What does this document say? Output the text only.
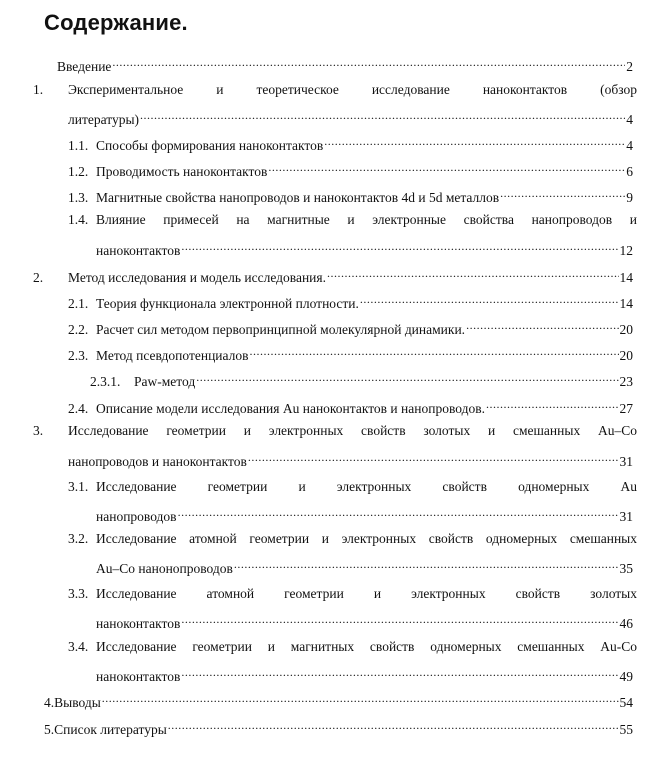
Содержание.
Введение .....	2
1. Экспериментальное и теоретическое исследование наноконтактов (обзор
литературы) .....	4
1.1. Способы формирования наноконтактов .....	4
1.2. Проводимость наноконтактов .....	6
1.3. Магнитные свойства нанопроводов и наноконтактов 4d и 5d металлов .....	9
1.4. Влияние примесей на магнитные и электронные свойства нанопроводов и
наноконтактов .....	12
2.	Метод исследования и модель исследования. .....	14
2.1. Теория функционала электронной плотности. .....	14
2.2. Расчет сил методом первопринципной молекулярной динамики. .....	20
2.3. Метод псевдопотенциалов .....	20
2.3.1.	Paw-метод .....	23
2.4. Описание модели исследования Au наноконтактов и нанопроводов. .....	27
3. Исследование геометрии и электронных свойств золотых и смешанных Au–Co
нанопроводов и наноконтактов .....	31
3.1. Исследование геометрии и электронных свойств одномерных Au
нанопроводов .....	31
3.2. Исследование атомной геометрии и электронных свойств одномерных смешанных
Au–Co нанонопроводов .....	35
3.3. Исследование атомной геометрии и электронных свойств золотых
наноконтактов .....	46
3.4. Исследование геометрии и магнитных свойств одномерных смешанных Au-Co
наноконтактов .....	49
4.Выводы .....	54
5.Список литературы .....	55
